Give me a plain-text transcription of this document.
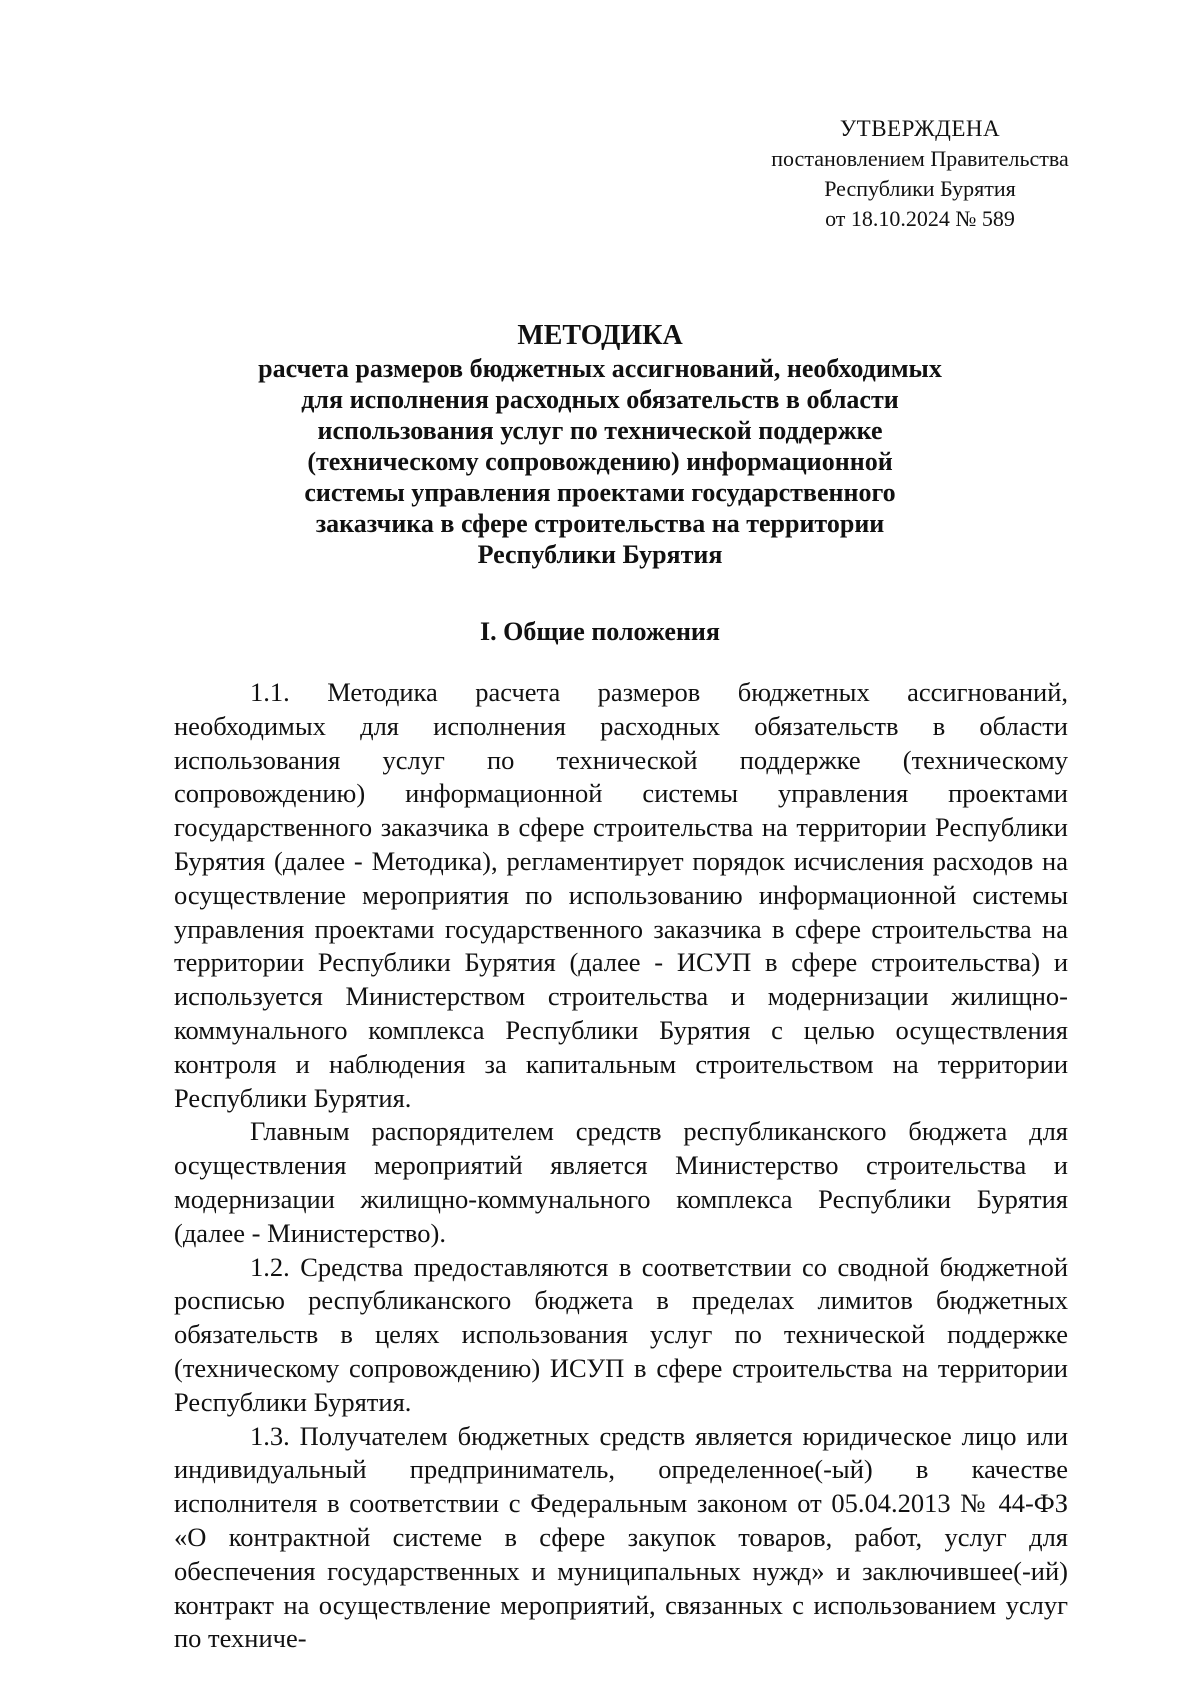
УТВЕРЖДЕНА
постановлением Правительства
Республики Бурятия
от 18.10.2024 № 589
МЕТОДИКА
расчета размеров бюджетных ассигнований, необходимых
для исполнения расходных обязательств в области
использования услуг по технической поддержке
(техническому сопровождению) информационной
системы управления проектами государственного
заказчика в сфере строительства на территории
Республики Бурятия
I. Общие положения

1.1. Методика расчета размеров бюджетных ассигнований, необходимых для исполнения расходных обязательств в области использования услуг по технической поддержке (техническому сопровождению) информационной системы управления проектами государственного заказчика в сфере строительства на территории Республики Бурятия (далее - Методика), регламентирует порядок исчисления расходов на осуществление мероприятия по использованию информационной системы управления проектами государственного заказчика в сфере строительства на территории Республики Бурятия (далее - ИСУП в сфере строительства) и используется Министерством строительства и модернизации жилищно-коммунального комплекса Республики Бурятия с целью осуществления контроля и наблюдения за капитальным строительством на территории Республики Бурятия.

Главным распорядителем средств республиканского бюджета для осуществления мероприятий является Министерство строительства и модернизации жилищно-коммунального комплекса Республики Бурятия (далее - Министерство).

1.2. Средства предоставляются в соответствии со сводной бюджетной росписью республиканского бюджета в пределах лимитов бюджетных обязательств в целях использования услуг по технической поддержке (техническому сопровождению) ИСУП в сфере строительства на территории Республики Бурятия.

1.3. Получателем бюджетных средств является юридическое лицо или индивидуальный предприниматель, определенное(-ый) в качестве исполнителя в соответствии с Федеральным законом от 05.04.2013 № 44-ФЗ «О контрактной системе в сфере закупок товаров, работ, услуг для обеспечения государственных и муниципальных нужд» и заключившее(-ий) контракт на осуществление мероприятий, связанных с использованием услуг по техниче-
